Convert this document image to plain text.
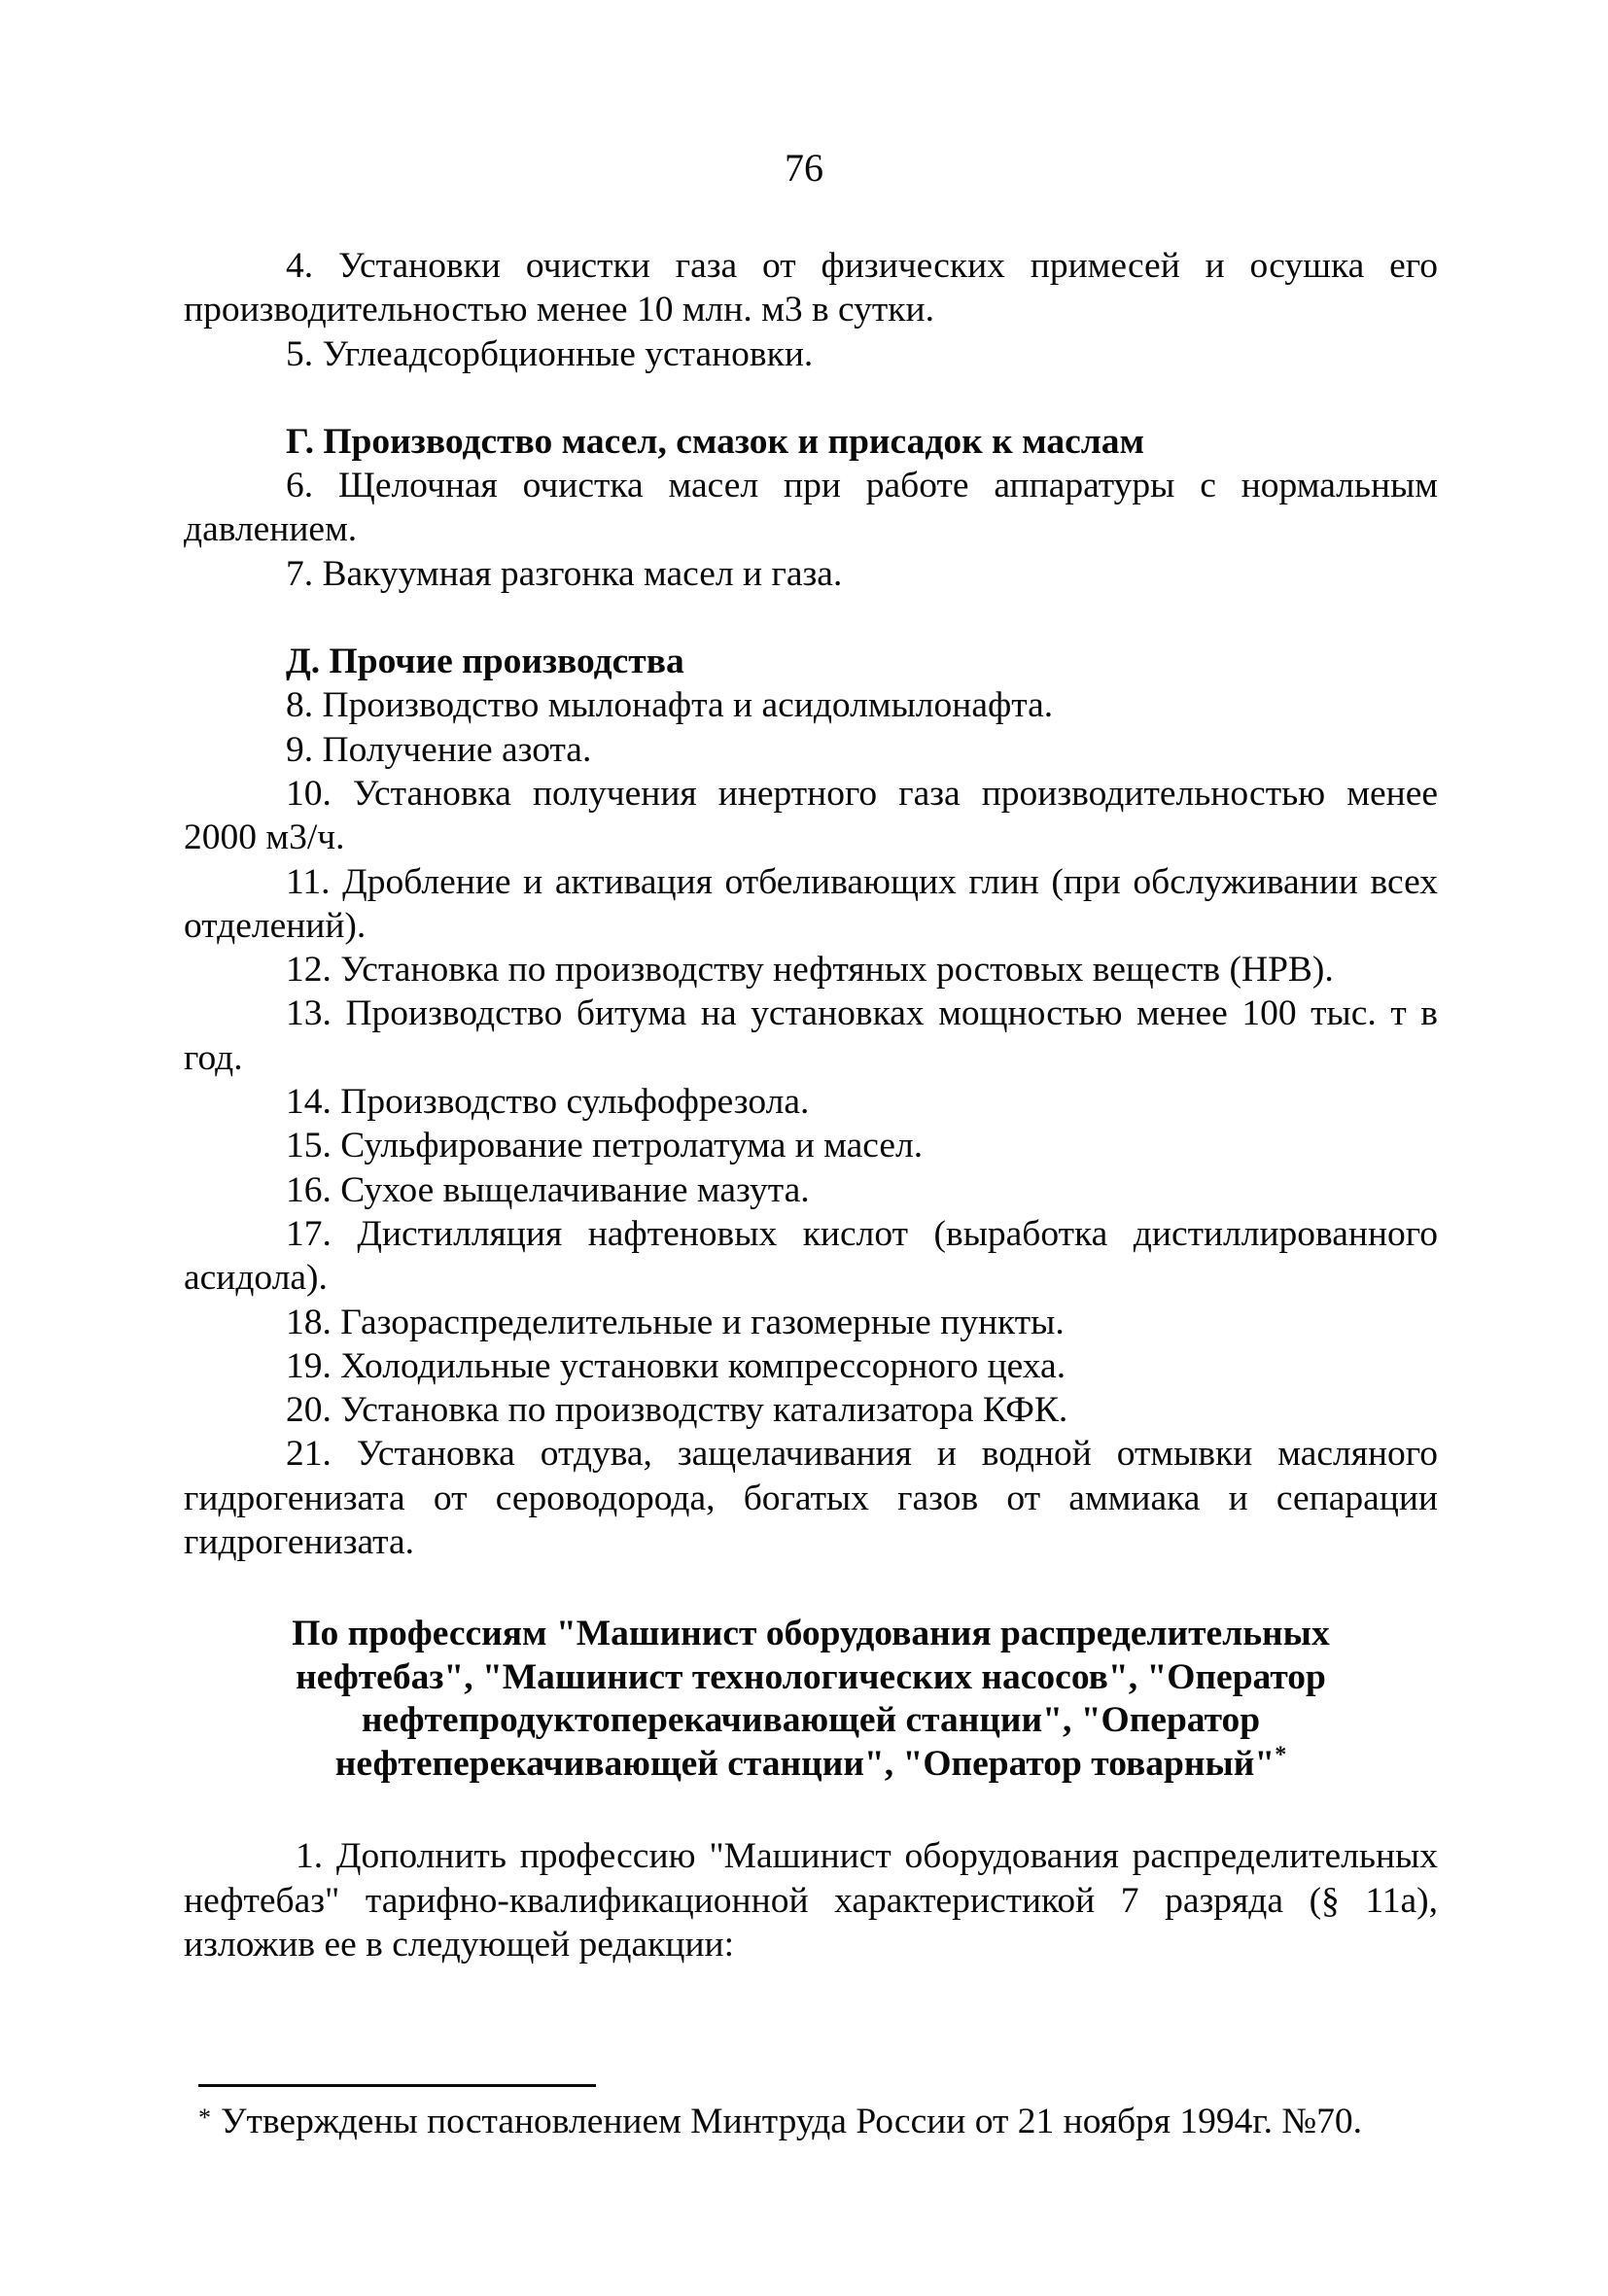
76

4. Установки очистки газа от физических примесей и осушка его производительностью менее 10 млн. м3 в сутки.

5. Углеадсорбционные установки.

Г. Производство масел, смазок и присадок к маслам

6. Щелочная очистка масел при работе аппаратуры с нормальным давлением.

7. Вакуумная разгонка масел и газа.

Д. Прочие производства

8. Производство мылонафта и асидолмылонафта.

9. Получение азота.

10. Установка получения инертного газа производительностью менее 2000 м3/ч.

11. Дробление и активация отбеливающих глин (при обслуживании всех отделений).

12. Установка по производству нефтяных ростовых веществ (НРВ).

13. Производство битума на установках мощностью менее 100 тыс. т в год.

14. Производство сульфофрезола.

15. Сульфирование петролатума и масел.

16. Сухое выщелачивание мазута.

17. Дистилляция нафтеновых кислот (выработка дистиллированного асидола).

18. Газораспределительные и газомерные пункты.

19. Холодильные установки компрессорного цеха.

20. Установка по производству катализатора КФК.

21. Установка отдува, защелачивания и водной отмывки масляного гидрогенизата от сероводорода, богатых газов от аммиака и сепарации гидрогенизата.

По профессиям "Машинист оборудования распределительных
нефтебаз", "Машинист технологических насосов", "Оператор
нефтепродуктоперекачивающей станции", "Оператор
нефтеперекачивающей станции", "Оператор товарный"*

1. Дополнить профессию "Машинист оборудования распределительных нефтебаз" тарифно-квалификационной характеристикой 7 разряда (§ 11а), изложив ее в следующей редакции:

* Утверждены постановлением Минтруда России от 21 ноября 1994г. №70.
